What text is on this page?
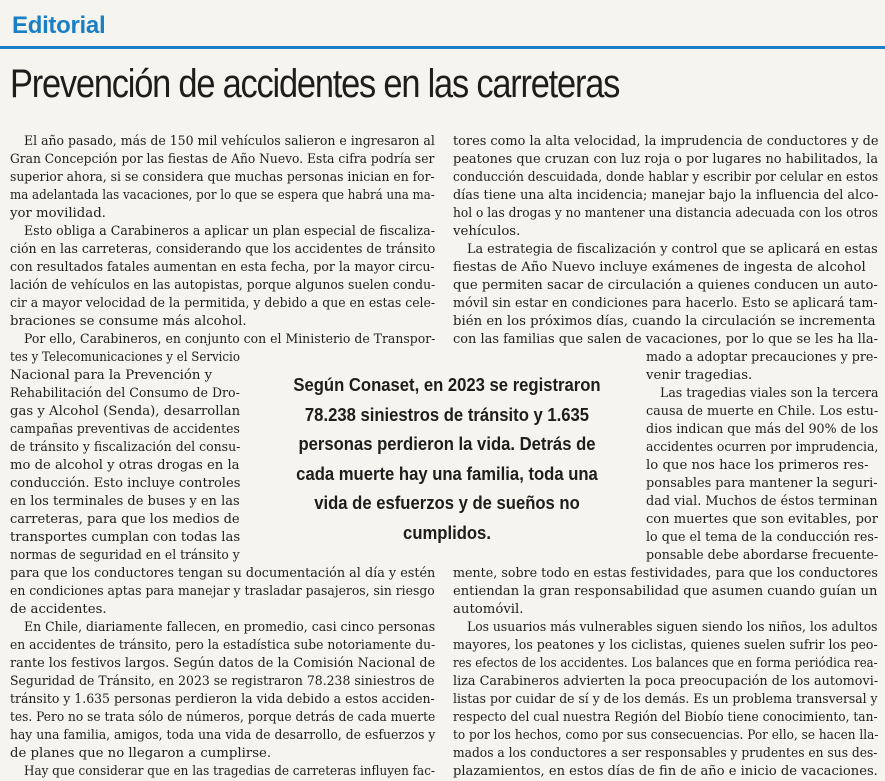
Editorial
Prevención de accidentes en las carreteras
El año pasado, más de 150 mil vehículos salieron e ingresaron al
Gran Concepción por las fiestas de Año Nuevo. Esta cifra podría ser
superior ahora, si se considera que muchas personas inician en for-
ma adelantada las vacaciones, por lo que se espera que habrá una ma-
yor movilidad.
Esto obliga a Carabineros a aplicar un plan especial de fiscaliza-
ción en las carreteras, considerando que los accidentes de tránsito
con resultados fatales aumentan en esta fecha, por la mayor circu-
lación de vehículos en las autopistas, porque algunos suelen condu-
cir a mayor velocidad de la permitida, y debido a que en estas cele-
braciones se consume más alcohol.
Por ello, Carabineros, en conjunto con el Ministerio de Transpor-
tes y Telecomunicaciones y el Servicio
Nacional para la Prevención y
Rehabilitación del Consumo de Dro-
gas y Alcohol (Senda), desarrollan
campañas preventivas de accidentes
de tránsito y fiscalización del consu-
mo de alcohol y otras drogas en la
conducción. Esto incluye controles
en los terminales de buses y en las
carreteras, para que los medios de
transportes cumplan con todas las
normas de seguridad en el tránsito y
para que los conductores tengan su documentación al día y estén
en condiciones aptas para manejar y trasladar pasajeros, sin riesgo
de accidentes.
En Chile, diariamente fallecen, en promedio, casi cinco personas
en accidentes de tránsito, pero la estadística sube notoriamente du-
rante los festivos largos. Según datos de la Comisión Nacional de
Seguridad de Tránsito, en 2023 se registraron 78.238 siniestros de
tránsito y 1.635 personas perdieron la vida debido a estos acciden-
tes. Pero no se trata sólo de números, porque detrás de cada muerte
hay una familia, amigos, toda una vida de desarrollo, de esfuerzos y
de planes que no llegaron a cumplirse.
Hay que considerar que en las tragedias de carreteras influyen fac-
tores como la alta velocidad, la imprudencia de conductores y de
peatones que cruzan con luz roja o por lugares no habilitados, la
conducción descuidada, donde hablar y escribir por celular en estos
días tiene una alta incidencia; manejar bajo la influencia del alco-
hol o las drogas y no mantener una distancia adecuada con los otros
vehículos.
La estrategia de fiscalización y control que se aplicará en estas
fiestas de Año Nuevo incluye exámenes de ingesta de alcohol
que permiten sacar de circulación a quienes conducen un auto-
móvil sin estar en condiciones para hacerlo. Esto se aplicará tam-
bién en los próximos días, cuando la circulación se incrementa
con las familias que salen de vacaciones, por lo que se les ha lla-
mado a adoptar precauciones y pre-
venir tragedias.
Las tragedias viales son la tercera
causa de muerte en Chile. Los estu-
dios indican que más del 90% de los
accidentes ocurren por imprudencia,
lo que nos hace los primeros res-
ponsables para mantener la seguri-
dad vial. Muchos de éstos terminan
con muertes que son evitables, por
lo que el tema de la conducción res-
ponsable debe abordarse frecuente-
mente, sobre todo en estas festividades, para que los conductores
entiendan la gran responsabilidad que asumen cuando guían un
automóvil.
Los usuarios más vulnerables siguen siendo los niños, los adultos
mayores, los peatones y los ciclistas, quienes suelen sufrir los peo-
res efectos de los accidentes. Los balances que en forma periódica rea-
liza Carabineros advierten la poca preocupación de los automovi-
listas por cuidar de sí y de los demás. Es un problema transversal y
respecto del cual nuestra Región del Biobío tiene conocimiento, tan-
to por los hechos, como por sus consecuencias. Por ello, se hacen lla-
mados a los conductores a ser responsables y prudentes en sus des-
plazamientos, en estos días de fin de año e inicio de vacaciones.

Según Conaset, en 2023 se registraron 78.238 siniestros de tránsito y 1.635 personas perdieron la vida. Detrás de cada muerte hay una familia, toda una vida de esfuerzos y de sueños no cumplidos.
